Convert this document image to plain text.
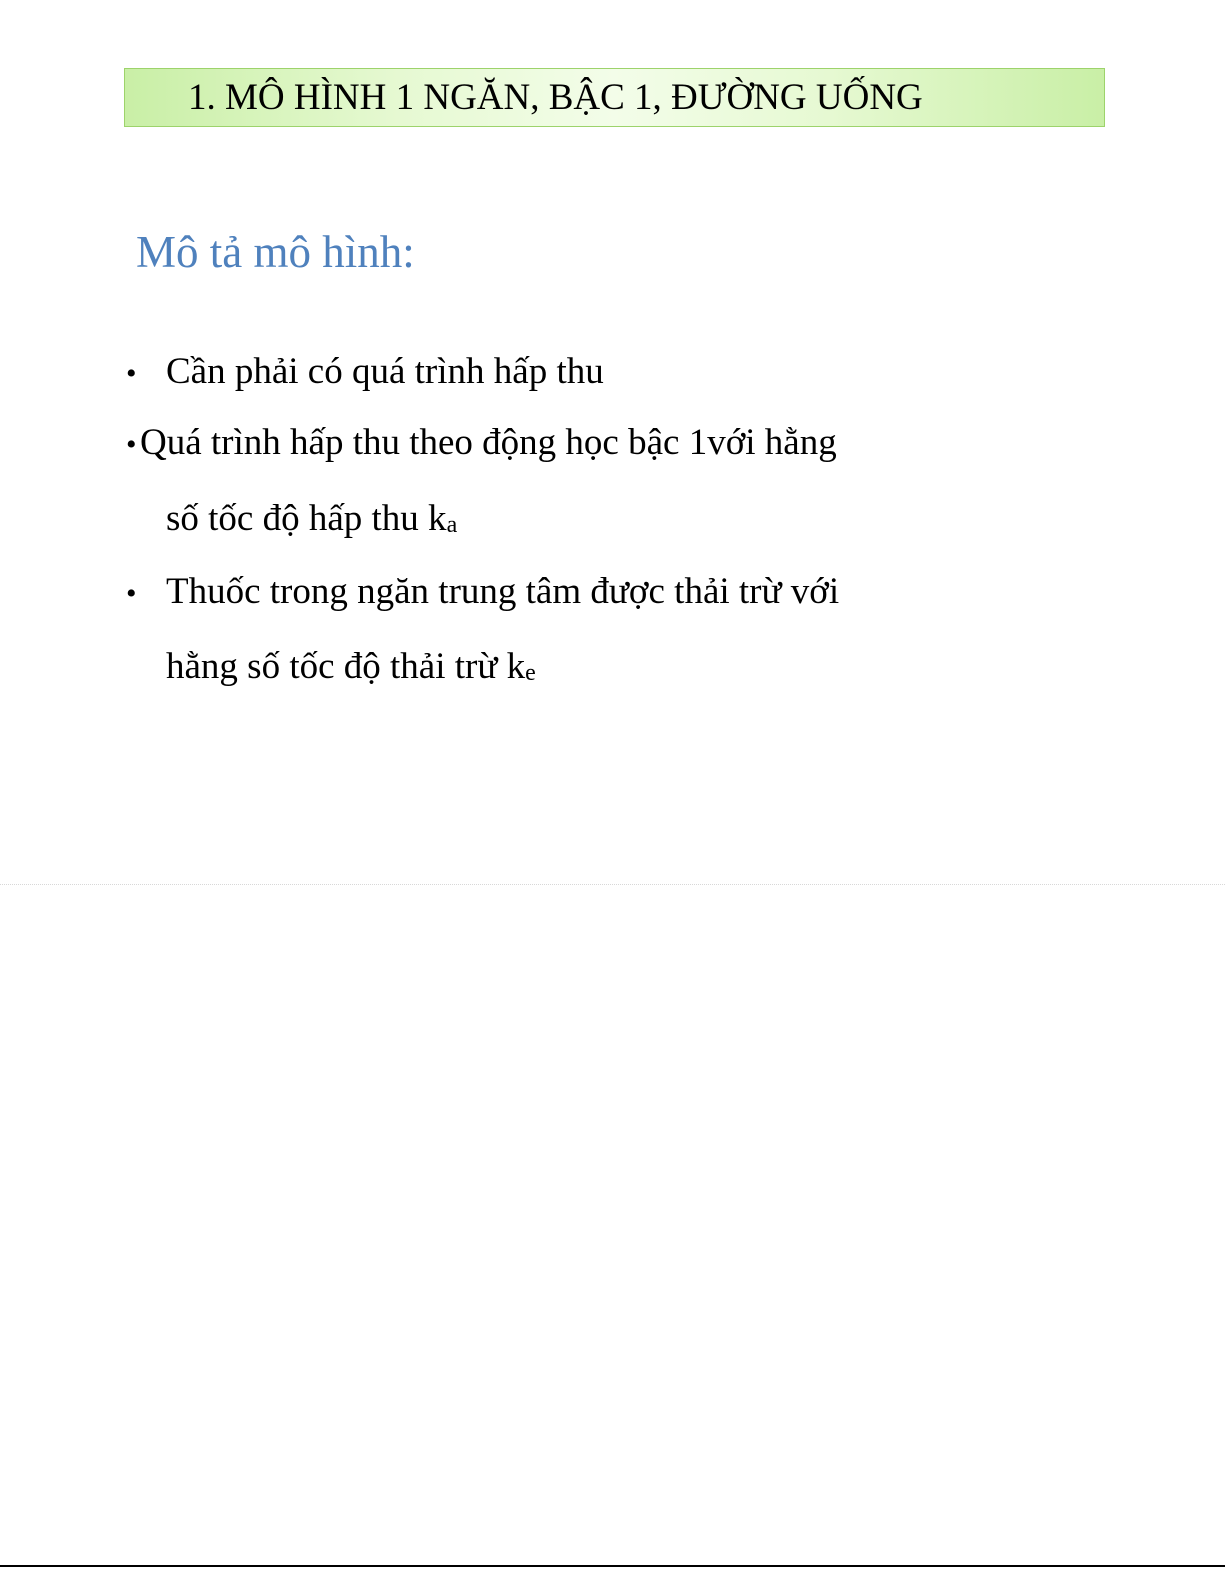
1. MÔ HÌNH 1 NGĂN, BẬC 1, ĐƯỜNG UỐNG
Mô tả mô hình:
• Cần phải có quá trình hấp thu
• Quá trình hấp thu theo động học bậc 1với hằng
số tốc độ hấp thu ka
• Thuốc trong ngăn trung tâm được thải trừ với
hằng số tốc độ thải trừ ke
